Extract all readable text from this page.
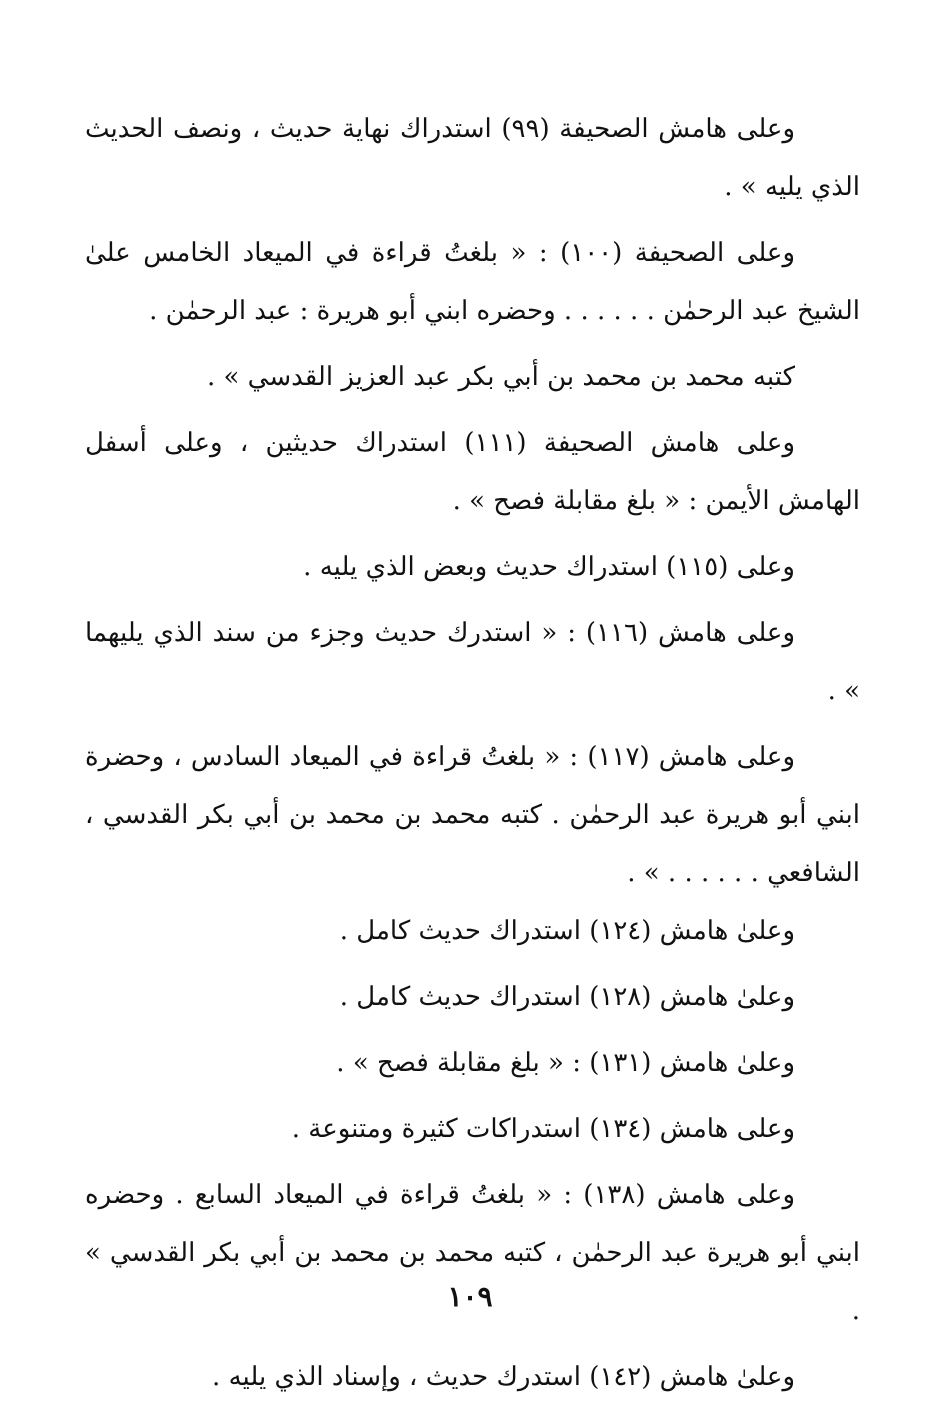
وعلى هامش الصحيفة (٩٩) استدراك نهاية حديث ، ونصف الحديث الذي يليه » .

وعلى الصحيفة (١٠٠) : « بلغتُ قراءة في الميعاد الخامس علىٰ الشيخ عبد الرحمٰن . . . . . . وحضره ابني أبو هريرة : عبد الرحمٰن .

كتبه محمد بن محمد بن أبي بكر عبد العزيز القدسي » .

وعلى هامش الصحيفة (١١١) استدراك حديثين ، وعلى أسفل الهامش الأيمن : « بلغ مقابلة فصح » .

وعلى (١١٥) استدراك حديث وبعض الذي يليه .

وعلى هامش (١١٦) : « استدرك حديث وجزء من سند الذي يليهما » .

وعلى هامش (١١٧) : « بلغتُ قراءة في الميعاد السادس ، وحضرة ابني أبو هريرة عبد الرحمٰن . كتبه محمد بن محمد بن أبي بكر القدسي ، الشافعي . . . . . . » .

وعلىٰ هامش (١٢٤) استدراك حديث كامل .

وعلىٰ هامش (١٢٨) استدراك حديث كامل .

وعلىٰ هامش (١٣١) : « بلغ مقابلة فصح » .

وعلى هامش (١٣٤) استدراكات كثيرة ومتنوعة .

وعلى هامش (١٣٨) : « بلغتُ قراءة في الميعاد السابع . وحضره ابني أبو هريرة عبد الرحمٰن ، كتبه محمد بن محمد بن أبي بكر القدسي » .

وعلىٰ هامش (١٤٢) استدرك حديث ، وإسناد الذي يليه .

١٠٩
